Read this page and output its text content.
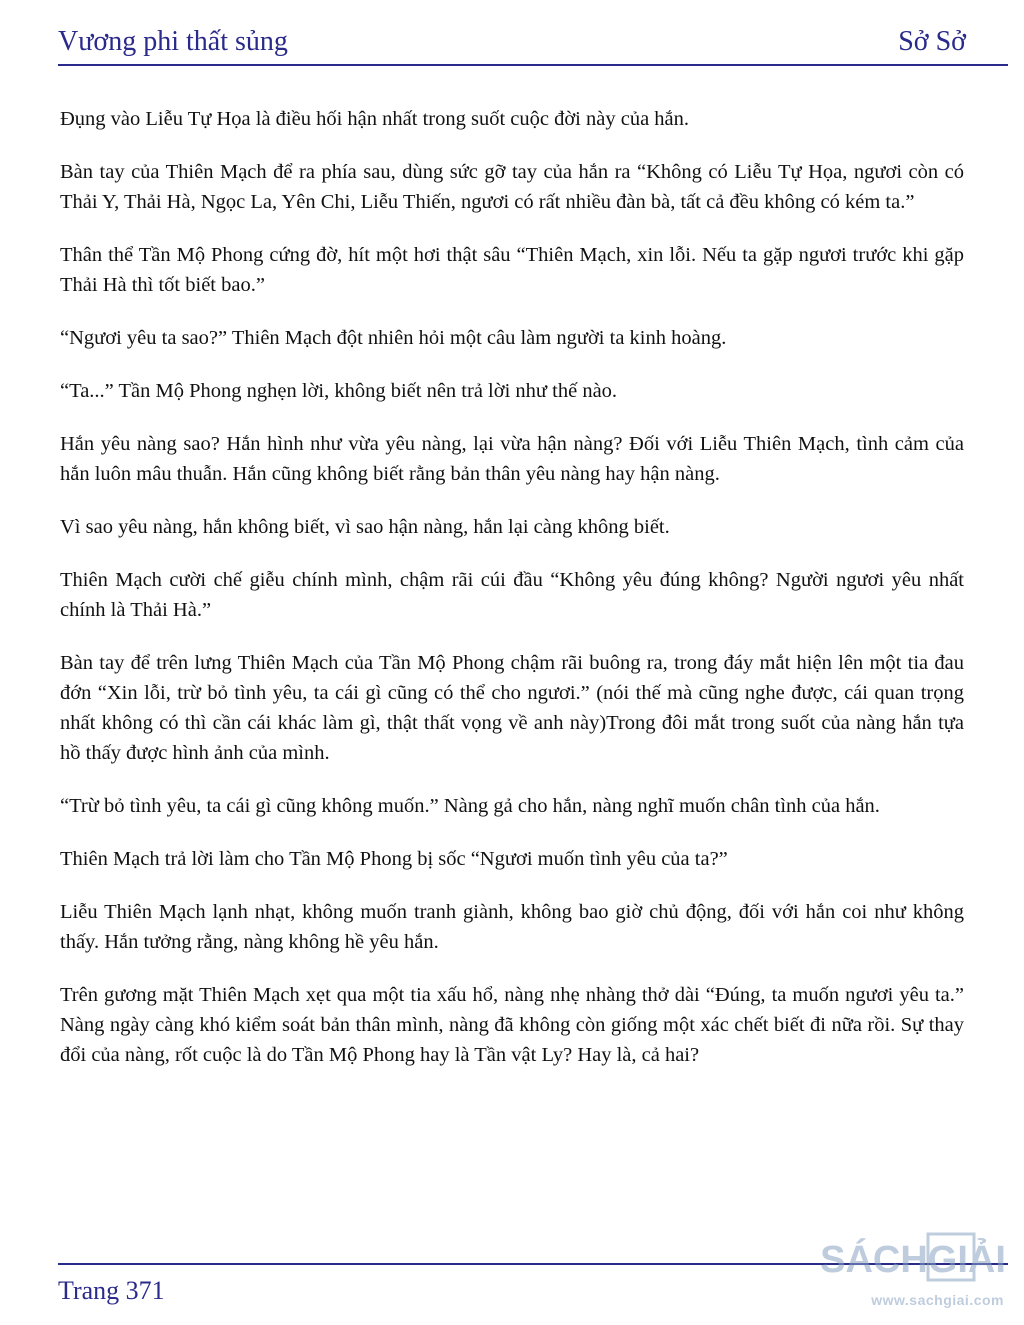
Vương phi thất sủng	Sở Sở

Đụng vào Liễu Tự Họa là điều hối hận nhất trong suốt cuộc đời này của hắn.

Bàn tay của Thiên Mạch để ra phía sau, dùng sức gỡ tay của hắn ra “Không có Liễu Tự Họa, ngươi còn có Thải Y, Thải Hà, Ngọc La, Yên Chi, Liễu Thiến, ngươi có rất nhiều đàn bà, tất cả đều không có kém ta.”

Thân thể Tần Mộ Phong cứng đờ, hít một hơi thật sâu “Thiên Mạch, xin lỗi. Nếu ta gặp ngươi trước khi gặp Thải Hà thì tốt biết bao.”

“Ngươi yêu ta sao?” Thiên Mạch đột nhiên hỏi một câu làm người ta kinh hoàng.

“Ta...” Tần Mộ Phong nghẹn lời, không biết nên trả lời như thế nào.

Hắn yêu nàng sao? Hắn hình như vừa yêu nàng, lại vừa hận nàng? Đối với Liễu Thiên Mạch, tình cảm của hắn luôn mâu thuẫn. Hắn cũng không biết rằng bản thân yêu nàng hay hận nàng.

Vì sao yêu nàng, hắn không biết, vì sao hận nàng, hắn lại càng không biết.

Thiên Mạch cười chế giễu chính mình, chậm rãi cúi đầu “Không yêu đúng không? Người ngươi yêu nhất chính là Thải Hà.”

Bàn tay để trên lưng Thiên Mạch của Tần Mộ Phong chậm rãi buông ra, trong đáy mắt hiện lên một tia đau đớn “Xin lỗi, trừ bỏ tình yêu, ta cái gì cũng có thể cho ngươi.” (nói thế mà cũng nghe được, cái quan trọng nhất không có thì cần cái khác làm gì, thật thất vọng về anh này)Trong đôi mắt trong suốt của nàng hắn tựa hồ thấy được hình ảnh của mình.

“Trừ bỏ tình yêu, ta cái gì cũng không muốn.” Nàng gả cho hắn, nàng nghĩ muốn chân tình của hắn.

Thiên Mạch trả lời làm cho Tần Mộ Phong bị sốc “Ngươi muốn tình yêu của ta?”

Liễu Thiên Mạch lạnh nhạt, không muốn tranh giành, không bao giờ chủ động, đối với hắn coi như không thấy. Hắn tưởng rằng, nàng không hề yêu hắn.

Trên gương mặt Thiên Mạch xẹt qua một tia xấu hổ, nàng nhẹ nhàng thở dài “Đúng, ta muốn ngươi yêu ta.” Nàng ngày càng khó kiểm soát bản thân mình, nàng đã không còn giống một xác chết biết đi nữa rồi. Sự thay đổi của nàng, rốt cuộc là do Tần Mộ Phong hay là Tần vật Ly? Hay là, cả hai?

Trang 371
SÁCHGIẢI
www.sachgiai.com
